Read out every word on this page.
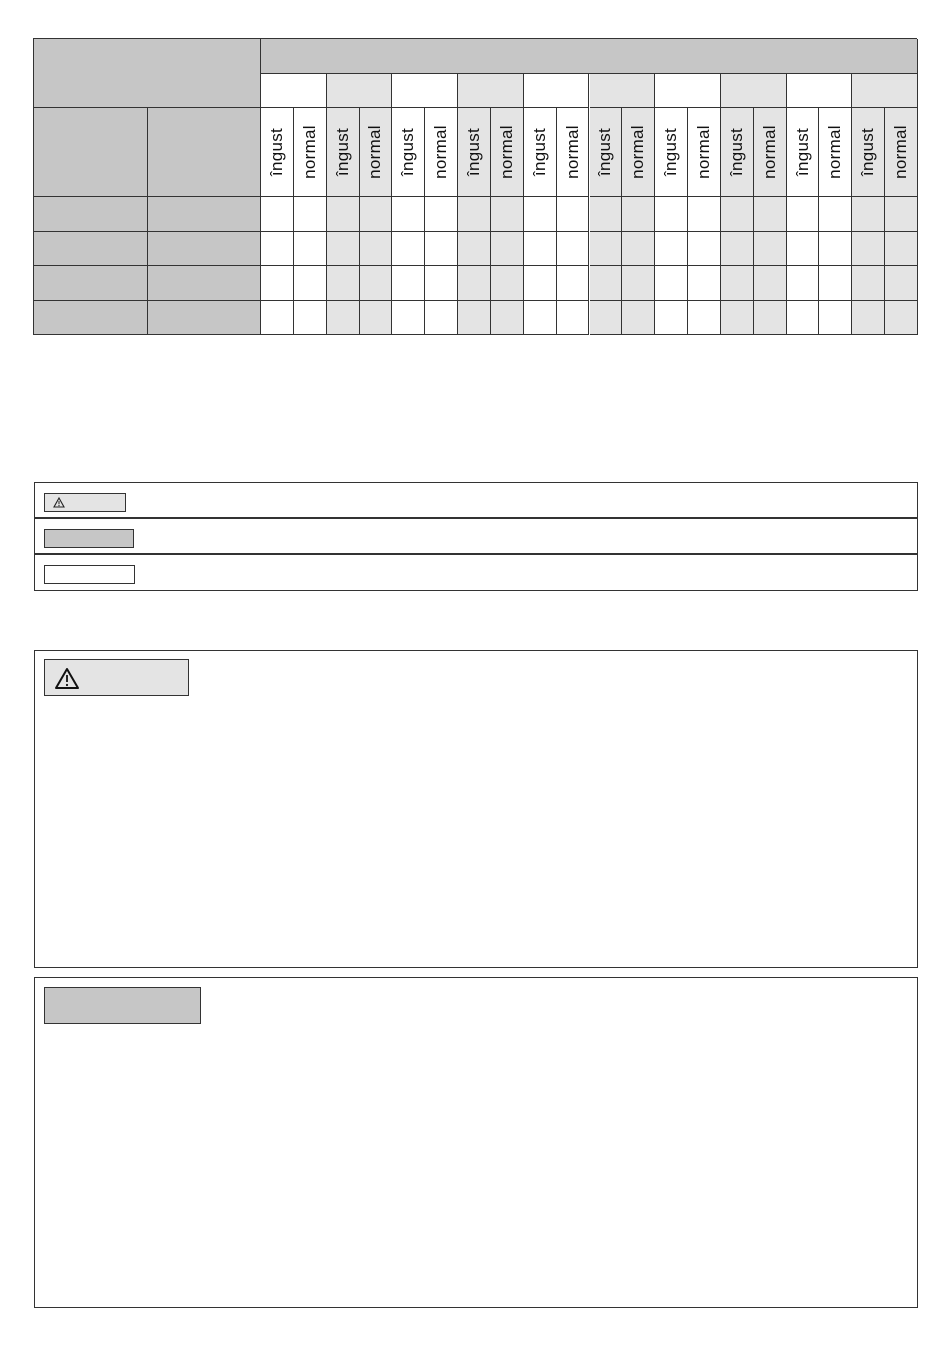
îngust normal îngust normal îngust normal îngust normal îngust normal îngust normal îngust normal îngust normal îngust normal îngust normal
